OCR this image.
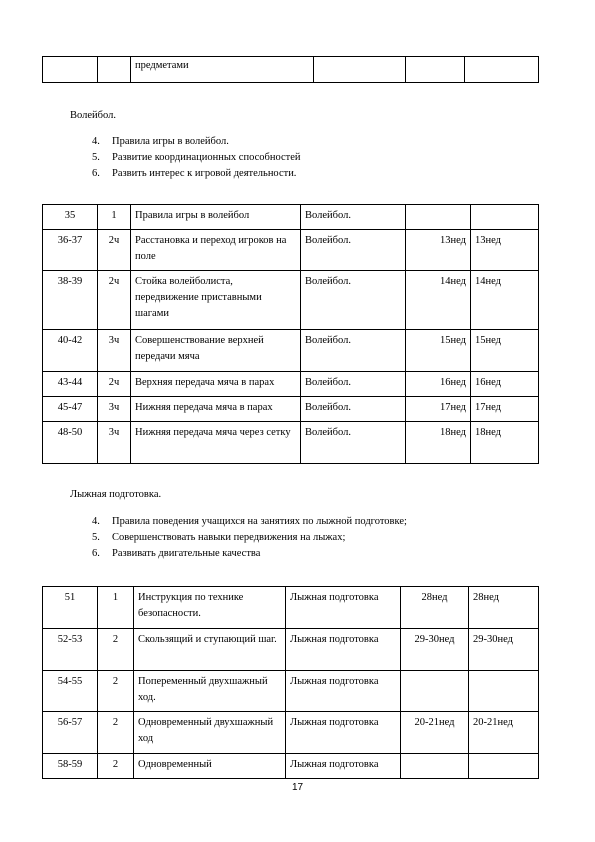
		предметами			
Волейбол.
4. Правила игры в волейбол.
5. Развитие координационных способностей
6. Развить интерес к игровой деятельности.
35	1	Правила игры в волейбол	Волейбол.		
36-37	2ч	Расстановка и переход игроков на поле	Волейбол.	13нед	13нед
38-39	2ч	Стойка волейболиста, передвижение приставными шагами	Волейбол.	14нед	14нед
40-42	3ч	Совершенствование верхней передачи мяча	Волейбол.	15нед	15нед
43-44	2ч	Верхняя передача мяча в парах	Волейбол.	16нед	16нед
45-47	3ч	Нижняя передача мяча в парах	Волейбол.	17нед	17нед
48-50	3ч	Нижняя передача мяча через сетку	Волейбол.	18нед	18нед
Лыжная подготовка.
4. Правила поведения учащихся на занятиях по лыжной подготовке;
5. Совершенствовать навыки передвижения на лыжах;
6. Развивать двигательные качества
51	1	Инструкция по технике безопасности.	Лыжная подготовка	28нед	28нед
52-53	2	Скользящий и ступающий шаг.	Лыжная подготовка	29-30нед	29-30нед
54-55	2	Попеременный двухшажный ход.	Лыжная подготовка		
56-57	2	Одновременный двухшажный ход	Лыжная подготовка	20-21нед	20-21нед
58-59	2	Одновременный	Лыжная подготовка		
17
